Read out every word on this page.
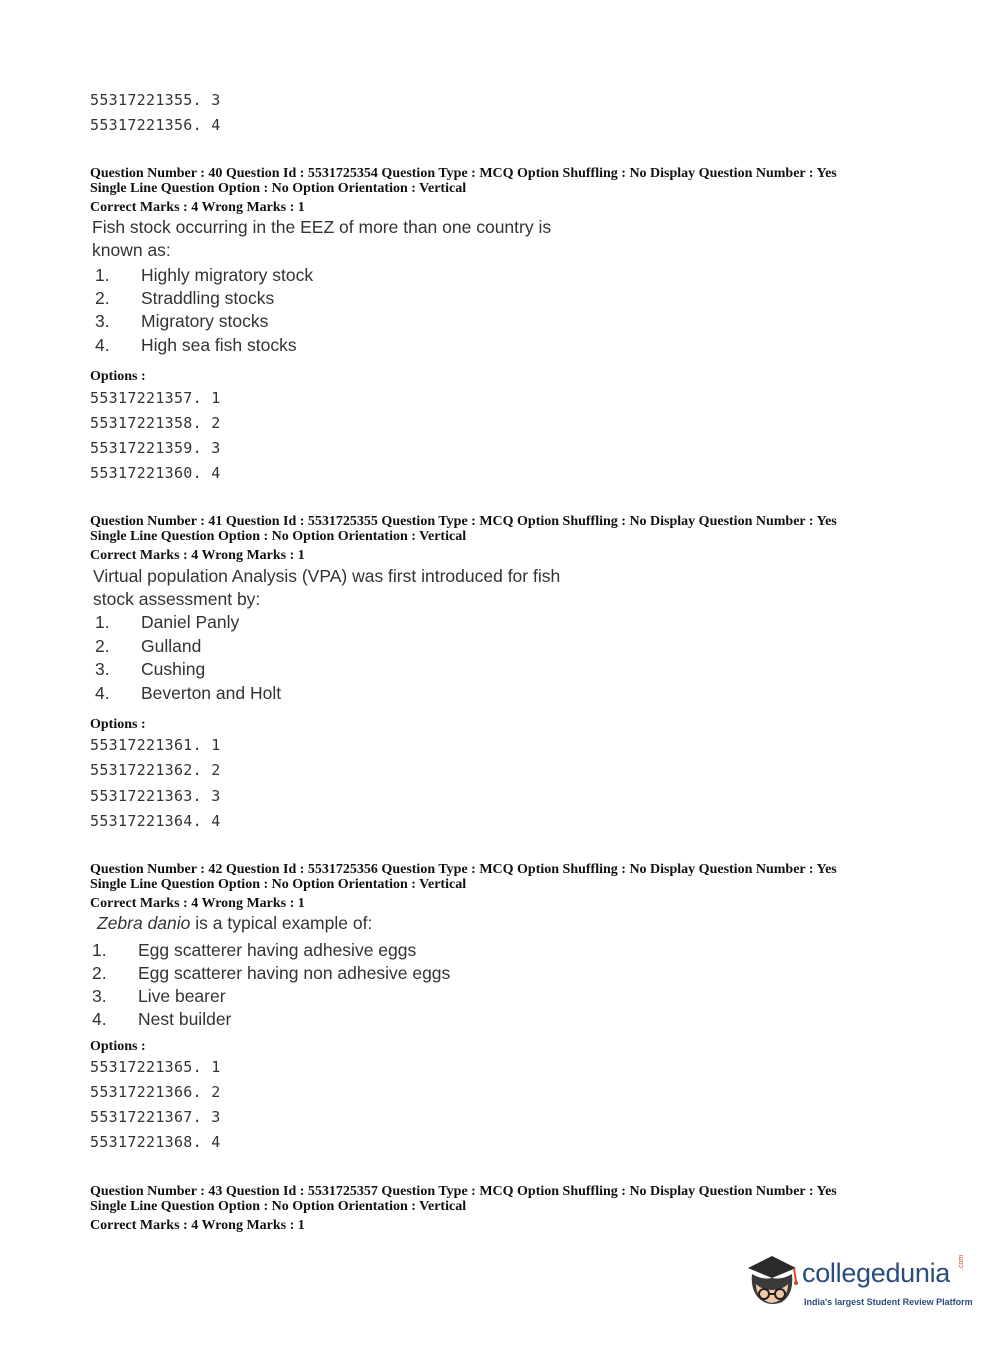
55317221355. 3
55317221356. 4
Question Number : 40 Question Id : 5531725354 Question Type : MCQ Option Shuffling : No Display Question Number : Yes
Single Line Question Option : No Option Orientation : Vertical
Correct Marks : 4 Wrong Marks : 1
Fish stock occurring in the EEZ of more than one country is
known as:
1. Highly migratory stock
2. Straddling stocks
3. Migratory stocks
4. High sea fish stocks
Options :
55317221357. 1
55317221358. 2
55317221359. 3
55317221360. 4
Question Number : 41 Question Id : 5531725355 Question Type : MCQ Option Shuffling : No Display Question Number : Yes
Single Line Question Option : No Option Orientation : Vertical
Correct Marks : 4 Wrong Marks : 1
Virtual population Analysis (VPA) was first introduced for fish
stock assessment by:
1. Daniel Panly
2. Gulland
3. Cushing
4. Beverton and Holt
Options :
55317221361. 1
55317221362. 2
55317221363. 3
55317221364. 4
Question Number : 42 Question Id : 5531725356 Question Type : MCQ Option Shuffling : No Display Question Number : Yes
Single Line Question Option : No Option Orientation : Vertical
Correct Marks : 4 Wrong Marks : 1
Zebra danio is a typical example of:
1. Egg scatterer having adhesive eggs
2. Egg scatterer having non adhesive eggs
3. Live bearer
4. Nest builder
Options :
55317221365. 1
55317221366. 2
55317221367. 3
55317221368. 4
Question Number : 43 Question Id : 5531725357 Question Type : MCQ Option Shuffling : No Display Question Number : Yes
Single Line Question Option : No Option Orientation : Vertical
Correct Marks : 4 Wrong Marks : 1
collegedunia .com
India's largest Student Review Platform
